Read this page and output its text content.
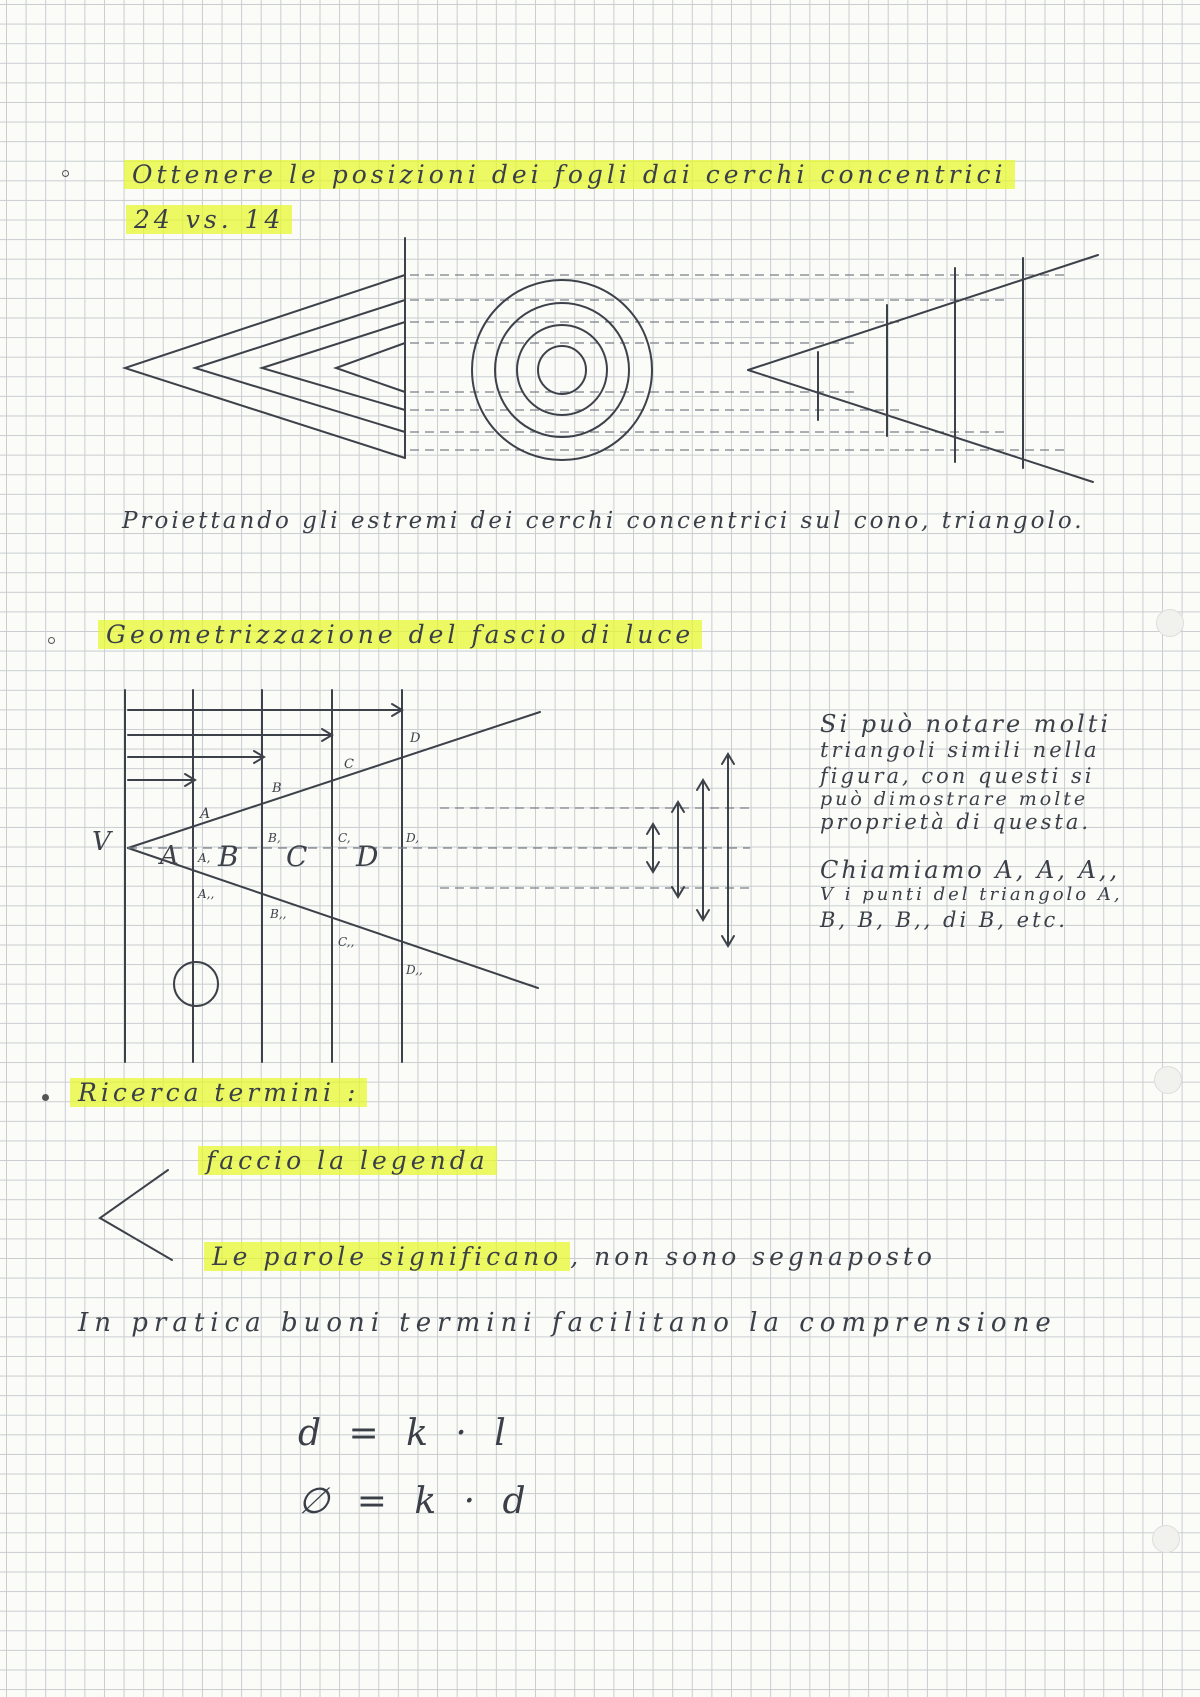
Ottenere le posizioni dei fogli dai cerchi concentrici

24 vs. 14

Proiettando gli estremi dei cerchi concentrici sul cono, triangolo.

Geometrizzazione del fascio di luce

Si può notare molti

triangoli simili nella

figura, con questi si

può dimostrare molte

proprietà di questa.

Chiamiamo A, A, A,,

V i punti del triangolo A,

B, B, B,, di B, etc.

Ricerca termini :

faccio la legenda

Le parole significano , non sono segnaposto

In pratica buoni termini facilitano la comprensione

d = k · l

∅ = k · d

V
A
A,
A,,
B
B,
B,,
C
C,
C,,
D
D,
D,,
A B C D
